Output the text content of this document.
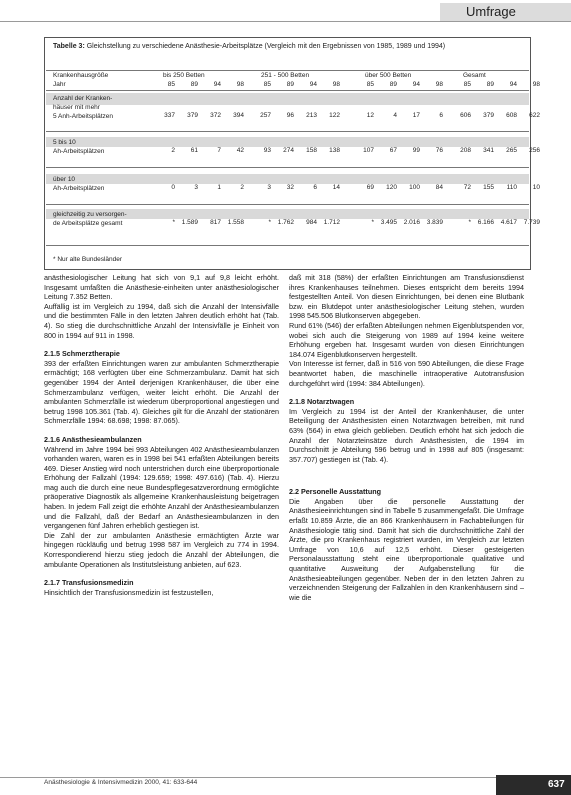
Umfrage
Tabelle 3: Gleichstellung zu verschiedene Anästhesie-Arbeitsplätze (Vergleich mit den Ergebnissen von 1985, 1989 und 1994)
Krankenhausgröße	bis 250 Betten	251 - 500 Betten	über 500 Betten	Gesamt
Jahr	85	89	94	98	85	89	94	98	85	89	94	98	85	89	94	98
Anzahl der Kranken-
häuser mit mehr
5 Anh-Arbeitsplätzen	337	379	372	394	257	96	213	122	12	4	17	6	606	379	608	622
5 bis 10
Ah-Arbeitsplätzen	2	61	7	42	93	274	158	138	107	67	99	76	208	341	265	256
über 10
Ah-Arbeitsplätzen	0	3	1	2	3	32	6	14	69	120	100	84	72	155	110	10
gleichzeitig zu versorgen-
de Arbeitsplätze gesamt	*	1.589	817	1.558	*	1.762	984	1.712	*	3.495	2.016	3.839	*	6.166	4.617	7.739
* Nur alte Bundesländer

anästhesiologischer Leitung hat sich von 9,1 auf 9,8 leicht erhöht. Insgesamt umfaßten die Anästhesie-einheiten unter anästhesiologischer Leitung 7.352 Betten.

Auffällig ist im Vergleich zu 1994, daß sich die Anzahl der Intensivfälle und die bestimmten Fälle in den letzten Jahren deutlich erhöht hat (Tab. 4). So stieg die durchschnittliche Anzahl der Intensivfälle je Einheit von 800 in 1994 auf 911 in 1998.

2.1.5 Schmerztherapie

393 der erfaßten Einrichtungen waren zur ambulanten Schmerztherapie ermächtigt; 168 verfügten über eine Schmerzambulanz. Damit hat sich gegenüber 1994 der Anteil derjenigen Krankenhäuser, die über eine Schmerzambulanz verfügen, weiter leicht erhöht. Die Anzahl der ambulanten Schmerzfälle ist wiederum überproportional angestiegen und betrug 1998 105.361 (Tab. 4). Gleiches gilt für die Anzahl der stationären Schmerzfälle 1994: 68.698; 1998: 87.065).

2.1.6 Anästhesieambulanzen

Während im Jahre 1994 bei 993 Abteilungen 402 Anästhesieambulanzen vorhanden waren, waren es in 1998 bei 541 erfaßten Abteilungen bereits 469. Dieser Anstieg wird noch unterstrichen durch eine überproportionale Erhöhung der Fallzahl (1994: 129.659; 1998: 497.616) (Tab. 4). Hierzu mag auch die durch eine neue Bundespflegesatzverordnung ermöglichte präoperative Diagnostik als allgemeine Krankenhausleistung beigetragen haben. In jedem Fall zeigt die erhöhte Anzahl der Anästhesieambulanzen und die Fallzahl, daß der Bedarf an Anästhesieambulanzen in den vergangenen fünf Jahren erheblich gestiegen ist.

Die Zahl der zur ambulanten Anästhesie ermächtigten Ärzte war hingegen rückläufig und betrug 1998 587 im Vergleich zu 774 in 1994. Korrespondierend hierzu stieg jedoch die Anzahl der Abteilungen, die ambulante Operationen als Institutsleistung anbieten, auf 623.

2.1.7 Transfusionsmedizin

Hinsichtlich der Transfusionsmedizin ist festzustellen,

daß mit 318 (58%) der erfaßten Einrichtungen am Transfusionsdienst ihres Krankenhauses teilnehmen. Dieses entspricht dem bereits 1994 festgestellten Anteil. Von diesen Einrichtungen, bei denen eine Blutbank bzw. ein Blutdepot unter anästhesiologischer Leitung stehen, wurden 1998 545.506 Blutkonserven abgegeben.

Rund 61% (546) der erfaßten Abteilungen nehmen Eigenblutspenden vor, wobei sich auch die Steigerung von 1989 auf 1994 keine weitere Erhöhung ergeben hat. Insgesamt wurden von diesen Einrichtungen 184.074 Eigenblutkonserven hergestellt.

Von Interesse ist ferner, daß in 516 von 590 Abteilungen, die diese Frage beantwortet haben, die maschinelle intraoperative Autotransfusion durchgeführt wird (1994: 384 Abteilungen).

2.1.8 Notarztwagen

Im Vergleich zu 1994 ist der Anteil der Krankenhäuser, die unter Beteiligung der Anästhesisten einen Notarztwagen betreiben, mit rund 63% (564) in etwa gleich geblieben. Deutlich erhöht hat sich jedoch die Anzahl der Notarzteinsätze durch Anästhesisten, die 1994 im Durchschnitt je Abteilung 596 betrug und in 1998 auf 805 (insgesamt: 357.707) gestiegen ist (Tab. 4).

2.2 Personelle Ausstattung

Die Angaben über die personelle Ausstattung der Anästhesieeinrichtungen sind in Tabelle 5 zusammengefaßt. Die Umfrage erfaßt 10.859 Ärzte, die an 866 Krankenhäusern in Fachabteilungen für Anästhesiologie tätig sind. Damit hat sich die durchschnittliche Zahl der Ärzte, die pro Krankenhaus registriert wurden, im Vergleich zur letzten Umfrage von 10,6 auf 12,5 erhöht. Dieser gesteigerten Personalausstattung steht eine überproportionale qualitative und quantitative Ausweitung der Aufgabenstellung für die Anästhesieabteilungen gegenüber. Neben der in den letzten Jahren zu verzeichnenden Steigerung der Fallzahlen in den Krankenhäusern sind – wie die

Anästhesiologie & Intensivmedizin 2000, 41: 633-644	637
